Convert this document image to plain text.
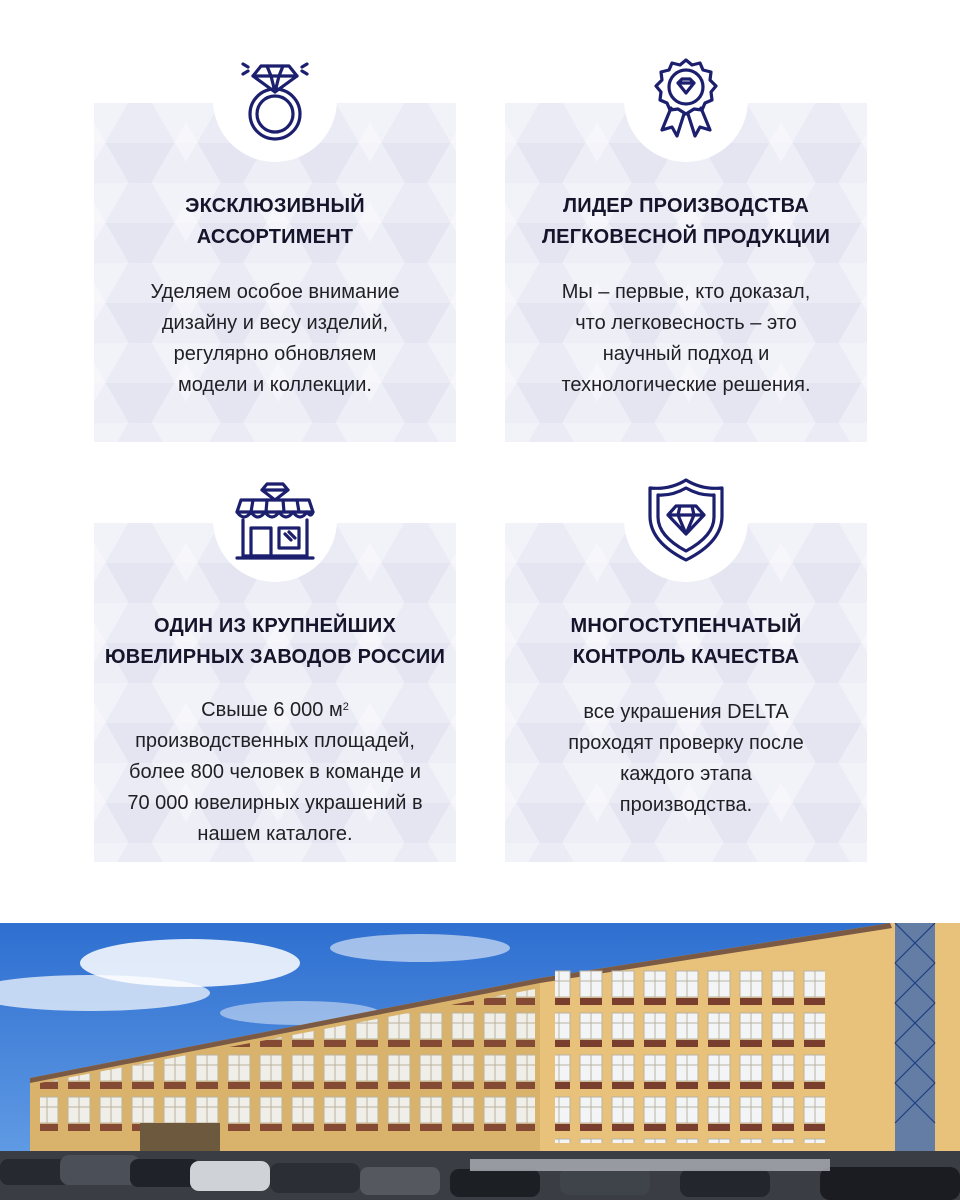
ЭКСКЛЮЗИВНЫЙ
АССОРТИМЕНТ
Уделяем особое внимание
дизайну и весу изделий,
регулярно обновляем
модели и коллекции.
ЛИДЕР ПРОИЗВОДСТВА
ЛЕГКОВЕСНОЙ ПРОДУКЦИИ
Мы – первые, кто доказал,
что легковесность – это
научный подход и
технологические решения.
ОДИН ИЗ КРУПНЕЙШИХ
ЮВЕЛИРНЫХ ЗАВОДОВ РОССИИ
Свыше 6 000 $м^2$
производственных площадей,
более 800 человек в команде и
70 000 ювелирных украшений в
нашем каталоге.
МНОГОСТУПЕНЧАТЫЙ
КОНТРОЛЬ КАЧЕСТВА
все украшения DELTA
проходят проверку после
каждого этапа
производства.
